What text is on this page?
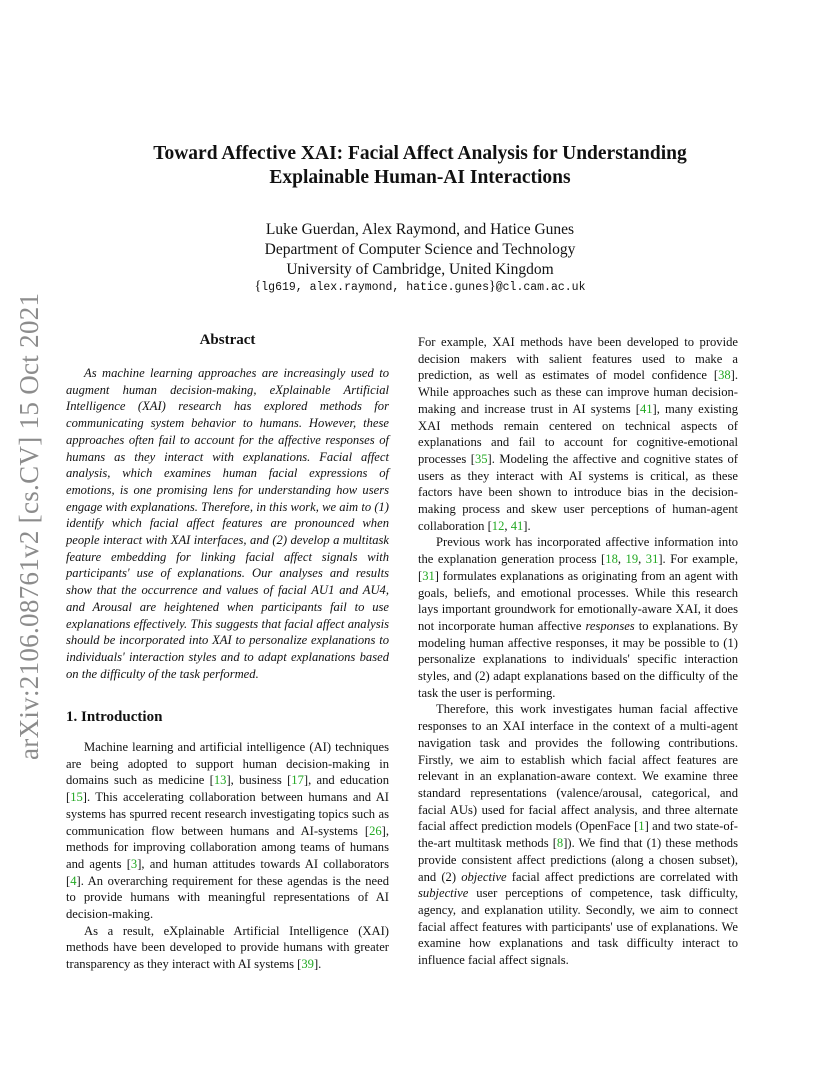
arXiv:2106.08761v2 [cs.CV] 15 Oct 2021
Toward Affective XAI: Facial Affect Analysis for Understanding
Explainable Human-AI Interactions
Luke Guerdan, Alex Raymond, and Hatice Gunes
Department of Computer Science and Technology
University of Cambridge, United Kingdom
{lg619, alex.raymond, hatice.gunes}@cl.cam.ac.uk
Abstract

As machine learning approaches are increasingly used to augment human decision-making, eXplainable Artificial Intelligence (XAI) research has explored methods for communicating system behavior to humans. However, these approaches often fail to account for the affective responses of humans as they interact with explanations. Facial affect analysis, which examines human facial expressions of emotions, is one promising lens for understanding how users engage with explanations. Therefore, in this work, we aim to (1) identify which facial affect features are pronounced when people interact with XAI interfaces, and (2) develop a multitask feature embedding for linking facial affect signals with participants' use of explanations. Our analyses and results show that the occurrence and values of facial AU1 and AU4, and Arousal are heightened when participants fail to use explanations effectively. This suggests that facial affect analysis should be incorporated into XAI to personalize explanations to individuals' interaction styles and to adapt explanations based on the difficulty of the task performed.

1. Introduction

Machine learning and artificial intelligence (AI) techniques are being adopted to support human decision-making in domains such as medicine [13], business [17], and education [15]. This accelerating collaboration between humans and AI systems has spurred recent research investigating topics such as communication flow between humans and AI-systems [26], methods for improving collaboration among teams of humans and agents [3], and human attitudes towards AI collaborators [4]. An overarching requirement for these agendas is the need to provide humans with meaningful representations of AI decision-making.

As a result, eXplainable Artificial Intelligence (XAI) methods have been developed to provide humans with greater transparency as they interact with AI systems [39].

For example, XAI methods have been developed to provide decision makers with salient features used to make a prediction, as well as estimates of model confidence [38]. While approaches such as these can improve human decision-making and increase trust in AI systems [41], many existing XAI methods remain centered on technical aspects of explanations and fail to account for cognitive-emotional processes [35]. Modeling the affective and cognitive states of users as they interact with AI systems is critical, as these factors have been shown to introduce bias in the decision-making process and skew user perceptions of human-agent collaboration [12, 41].

Previous work has incorporated affective information into the explanation generation process [18, 19, 31]. For example, [31] formulates explanations as originating from an agent with goals, beliefs, and emotional processes. While this research lays important groundwork for emotionally-aware XAI, it does not incorporate human affective responses to explanations. By modeling human affective responses, it may be possible to (1) personalize explanations to individuals' specific interaction styles, and (2) adapt explanations based on the difficulty of the task the user is performing.

Therefore, this work investigates human facial affective responses to an XAI interface in the context of a multi-agent navigation task and provides the following contributions. Firstly, we aim to establish which facial affect features are relevant in an explanation-aware context. We examine three standard representations (valence/arousal, categorical, and facial AUs) used for facial affect analysis, and three alternate facial affect prediction models (OpenFace [1] and two state-of-the-art multitask methods [8]). We find that (1) these methods provide consistent affect predictions (along a chosen subset), and (2) objective facial affect predictions are correlated with subjective user perceptions of competence, task difficulty, agency, and explanation utility. Secondly, we aim to connect facial affect features with participants' use of explanations. We examine how explanations and task difficulty interact to influence facial affect signals.
